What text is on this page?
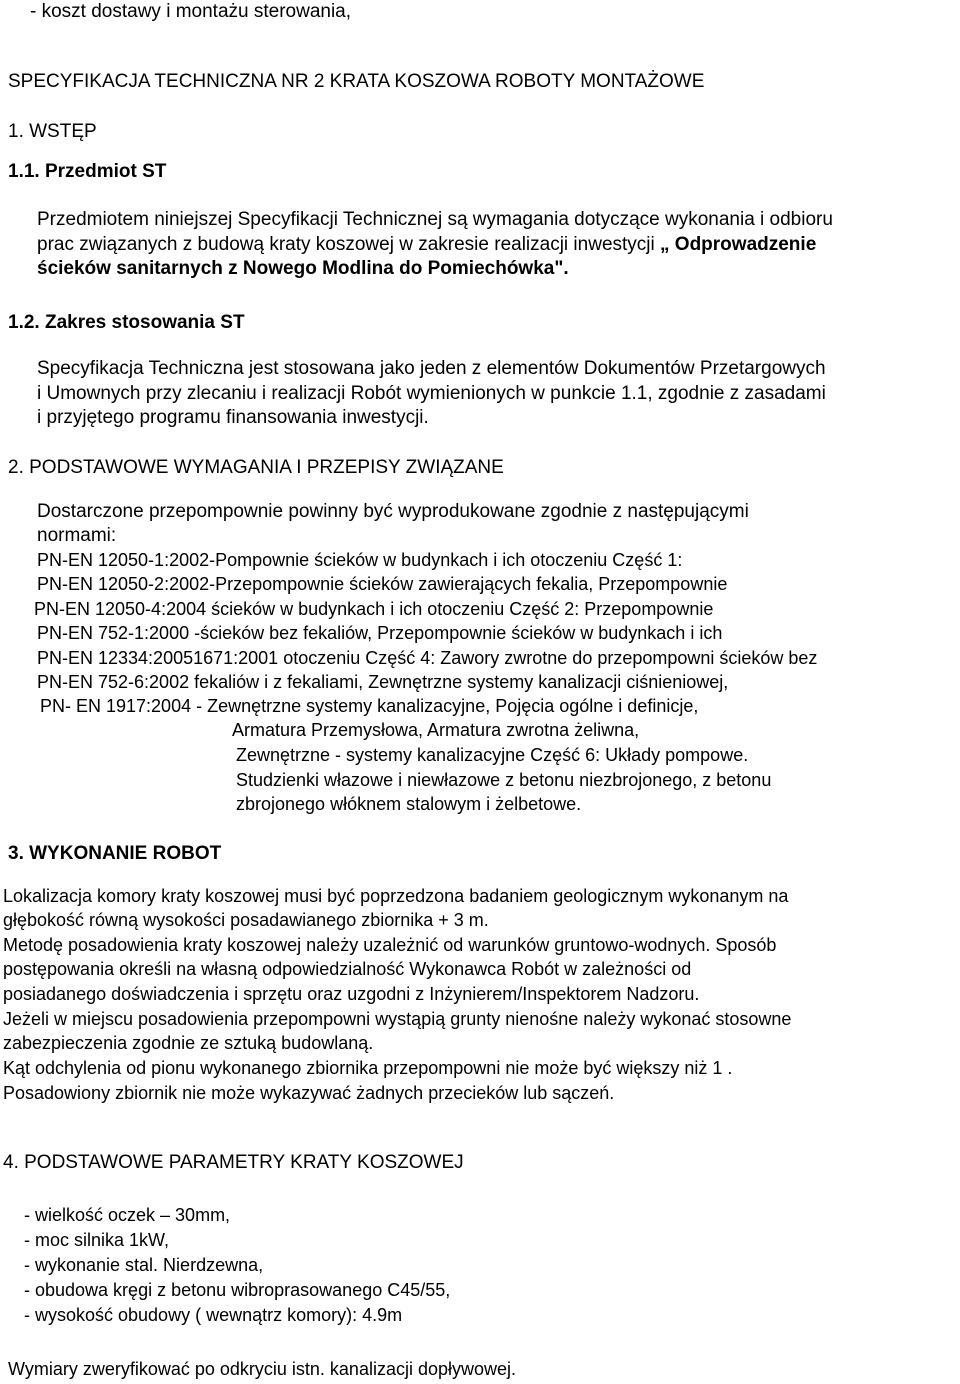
- koszt dostawy i montażu sterowania,
SPECYFIKACJA TECHNICZNA NR 2 KRATA KOSZOWA ROBOTY MONTAŻOWE
1. WSTĘP
1.1. Przedmiot ST
Przedmiotem niniejszej Specyfikacji Technicznej są wymagania dotyczące wykonania i odbioru
prac związanych z budową kraty koszowej w zakresie realizacji inwestycji „ Odprowadzenie
ścieków sanitarnych z Nowego Modlina do Pomiechówka".
1.2. Zakres stosowania ST
Specyfikacja Techniczna jest stosowana jako jeden z elementów Dokumentów Przetargowych
i Umownych przy zlecaniu i realizacji Robót wymienionych w punkcie 1.1, zgodnie z zasadami
i przyjętego programu finansowania inwestycji.
2. PODSTAWOWE WYMAGANIA I PRZEPISY ZWIĄZANE
Dostarczone przepompownie powinny być wyprodukowane zgodnie z następującymi
normami:
PN-EN 12050-1:2002-Pompownie ścieków w budynkach i ich otoczeniu Część 1:
PN-EN 12050-2:2002-Przepompownie ścieków zawierających fekalia, Przepompownie
PN-EN 12050-4:2004 ścieków w budynkach i ich otoczeniu Część 2: Przepompownie
PN-EN 752-1:2000 -ścieków bez fekaliów, Przepompownie ścieków w budynkach i ich
PN-EN 12334:20051671:2001 otoczeniu Część 4: Zawory zwrotne do przepompowni ścieków bez
PN-EN 752-6:2002 fekaliów i z fekaliami, Zewnętrzne systemy kanalizacji ciśnieniowej,
PN- EN 1917:2004 - Zewnętrzne systemy kanalizacyjne, Pojęcia ogólne i definicje,
Armatura Przemysłowa, Armatura zwrotna żeliwna,
Zewnętrzne - systemy kanalizacyjne Część 6: Układy pompowe.
Studzienki włazowe i niewłazowe z betonu niezbrojonego, z betonu
zbrojonego włóknem stalowym i żelbetowe.
3. WYKONANIE ROBOT
Lokalizacja komory kraty koszowej musi być poprzedzona badaniem geologicznym wykonanym na
głębokość równą wysokości posadawianego zbiornika + 3 m.
Metodę posadowienia kraty koszowej należy uzależnić od warunków gruntowo-wodnych. Sposób
postępowania określi na własną odpowiedzialność Wykonawca Robót w zależności od
posiadanego doświadczenia i sprzętu oraz uzgodni z Inżynierem/Inspektorem Nadzoru.
Jeżeli w miejscu posadowienia przepompowni wystąpią grunty nienośne należy wykonać stosowne
zabezpieczenia zgodnie ze sztuką budowlaną.
Kąt odchylenia od pionu wykonanego zbiornika przepompowni nie może być większy niż 1 .
Posadowiony zbiornik nie może wykazywać żadnych przecieków lub sączeń.
4. PODSTAWOWE PARAMETRY KRATY KOSZOWEJ
- wielkość oczek – 30mm,
- moc silnika 1kW,
- wykonanie stal. Nierdzewna,
- obudowa kręgi z betonu wibroprasowanego C45/55,
- wysokość obudowy ( wewnątrz komory): 4.9m
Wymiary zweryfikować po odkryciu istn. kanalizacji dopływowej.
